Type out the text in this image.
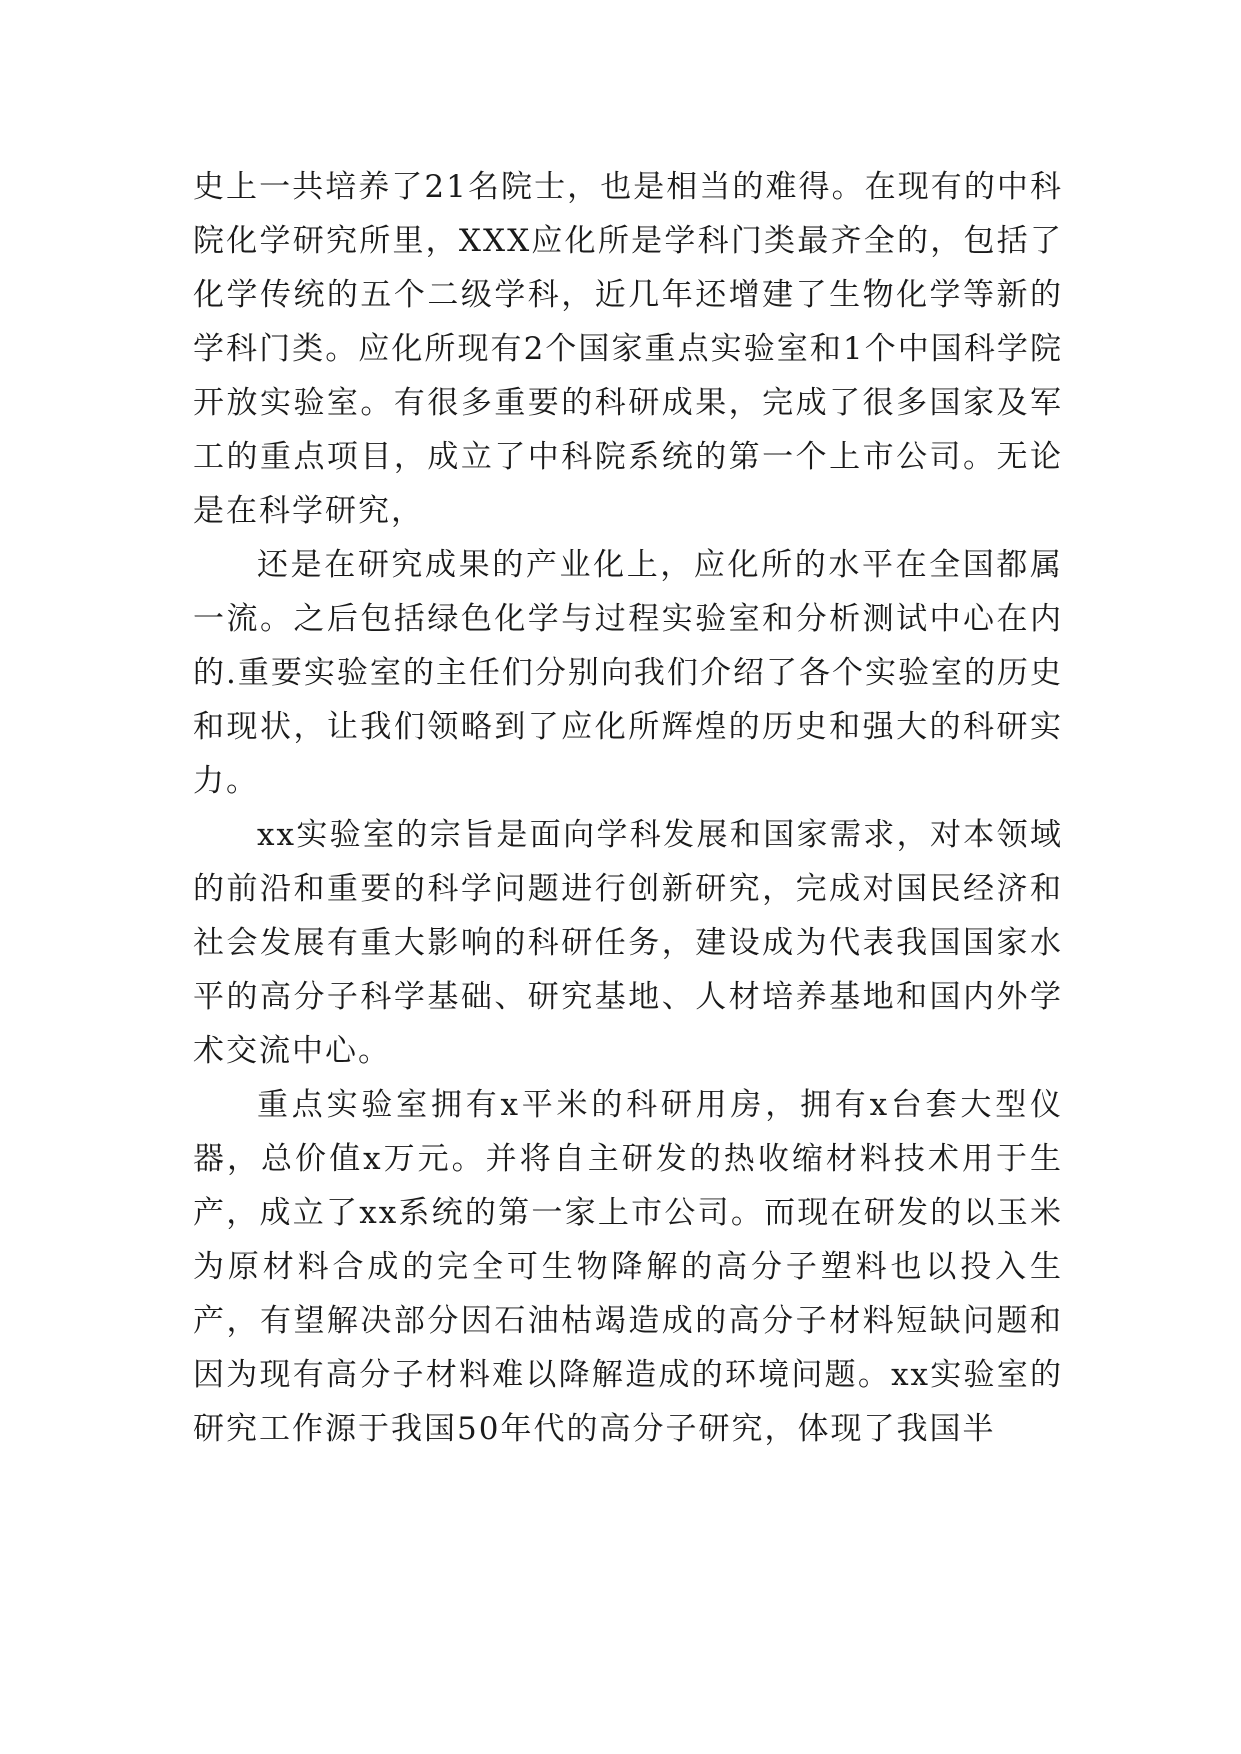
史上一共培养了21名院士，也是相当的难得。在现有的中科院化学研究所里，XXX应化所是学科门类最齐全的，包括了化学传统的五个二级学科，近几年还增建了生物化学等新的学科门类。应化所现有2个国家重点实验室和1个中国科学院开放实验室。有很多重要的科研成果，完成了很多国家及军工的重点项目，成立了中科院系统的第一个上市公司。无论是在科学研究，

还是在研究成果的产业化上，应化所的水平在全国都属一流。之后包括绿色化学与过程实验室和分析测试中心在内的.重要实验室的主任们分别向我们介绍了各个实验室的历史和现状，让我们领略到了应化所辉煌的历史和强大的科研实力。

xx实验室的宗旨是面向学科发展和国家需求，对本领域的前沿和重要的科学问题进行创新研究，完成对国民经济和社会发展有重大影响的科研任务，建设成为代表我国国家水平的高分子科学基础、研究基地、人材培养基地和国内外学术交流中心。

重点实验室拥有x平米的科研用房，拥有x台套大型仪器，总价值x万元。并将自主研发的热收缩材料技术用于生产，成立了xx系统的第一家上市公司。而现在研发的以玉米为原材料合成的完全可生物降解的高分子塑料也以投入生产，有望解决部分因石油枯竭造成的高分子材料短缺问题和因为现有高分子材料难以降解造成的环境问题。xx实验室的研究工作源于我国50年代的高分子研究，体现了我国半
